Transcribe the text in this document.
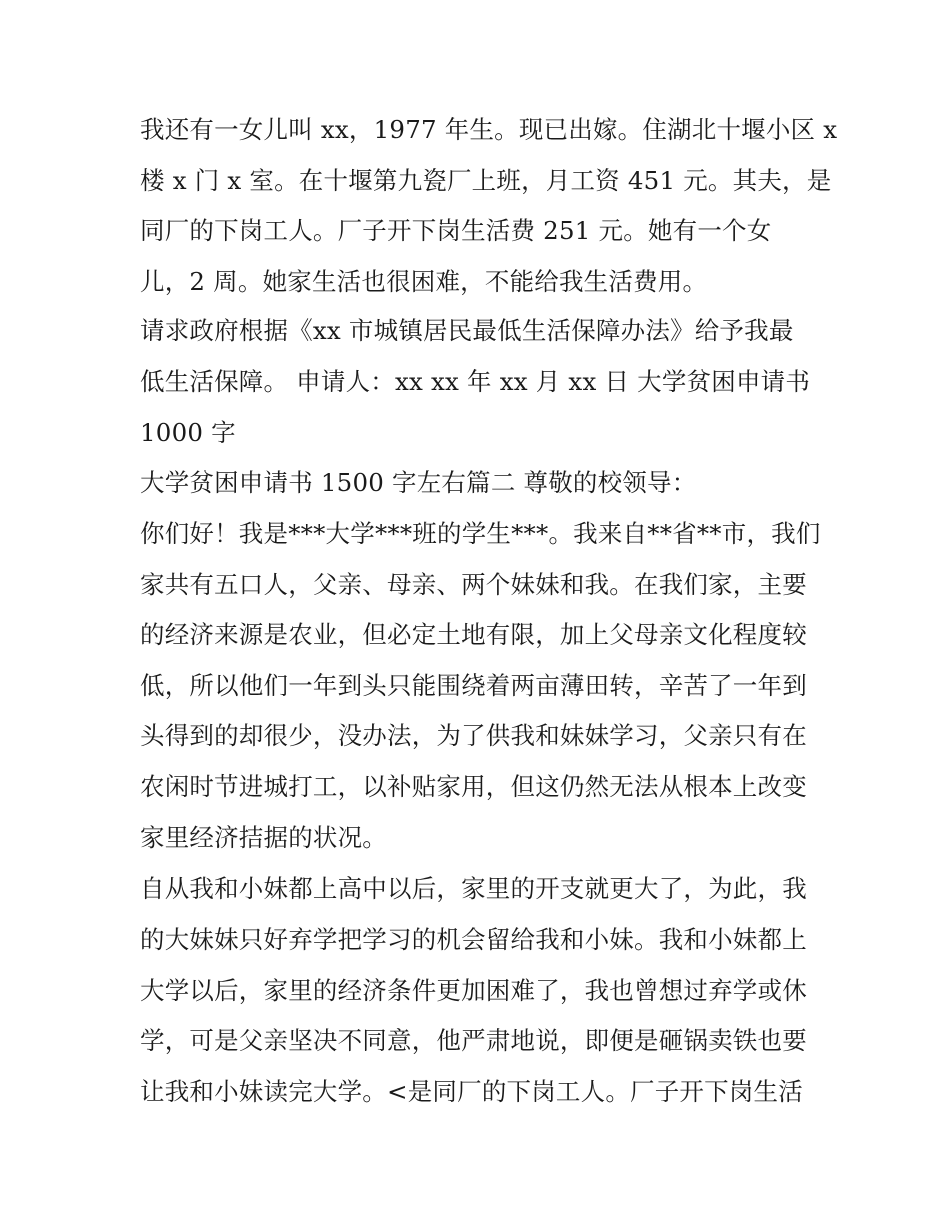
我还有一女儿叫 xx，1977 年生。现已出嫁。住湖北十堰小区 x
楼 x 门 x 室。在十堰第九瓷厂上班，月工资 451 元。其夫，是
同厂的下岗工人。厂子开下岗生活费 251 元。她有一个女
儿，2 周。她家生活也很困难，不能给我生活费用。
请求政府根据《xx 市城镇居民最低生活保障办法》给予我最
低生活保障。 申请人：xx xx 年 xx 月 xx 日 大学贫困申请书
1000 字
大学贫困申请书 1500 字左右篇二 尊敬的校领导：
你们好！我是***大学***班的学生***。我来自**省**市，我们
家共有五口人，父亲、母亲、两个妹妹和我。在我们家，主要
的经济来源是农业，但必定土地有限，加上父母亲文化程度较
低，所以他们一年到头只能围绕着两亩薄田转，辛苦了一年到
头得到的却很少，没办法，为了供我和妹妹学习，父亲只有在
农闲时节进城打工，以补贴家用，但这仍然无法从根本上改变
家里经济拮据的状况。
自从我和小妹都上高中以后，家里的开支就更大了，为此，我
的大妹妹只好弃学把学习的机会留给我和小妹。我和小妹都上
大学以后，家里的经济条件更加困难了，我也曾想过弃学或休
学，可是父亲坚决不同意，他严肃地说，即便是砸锅卖铁也要
让我和小妹读完大学。<是同厂的下岗工人。厂子开下岗生活
